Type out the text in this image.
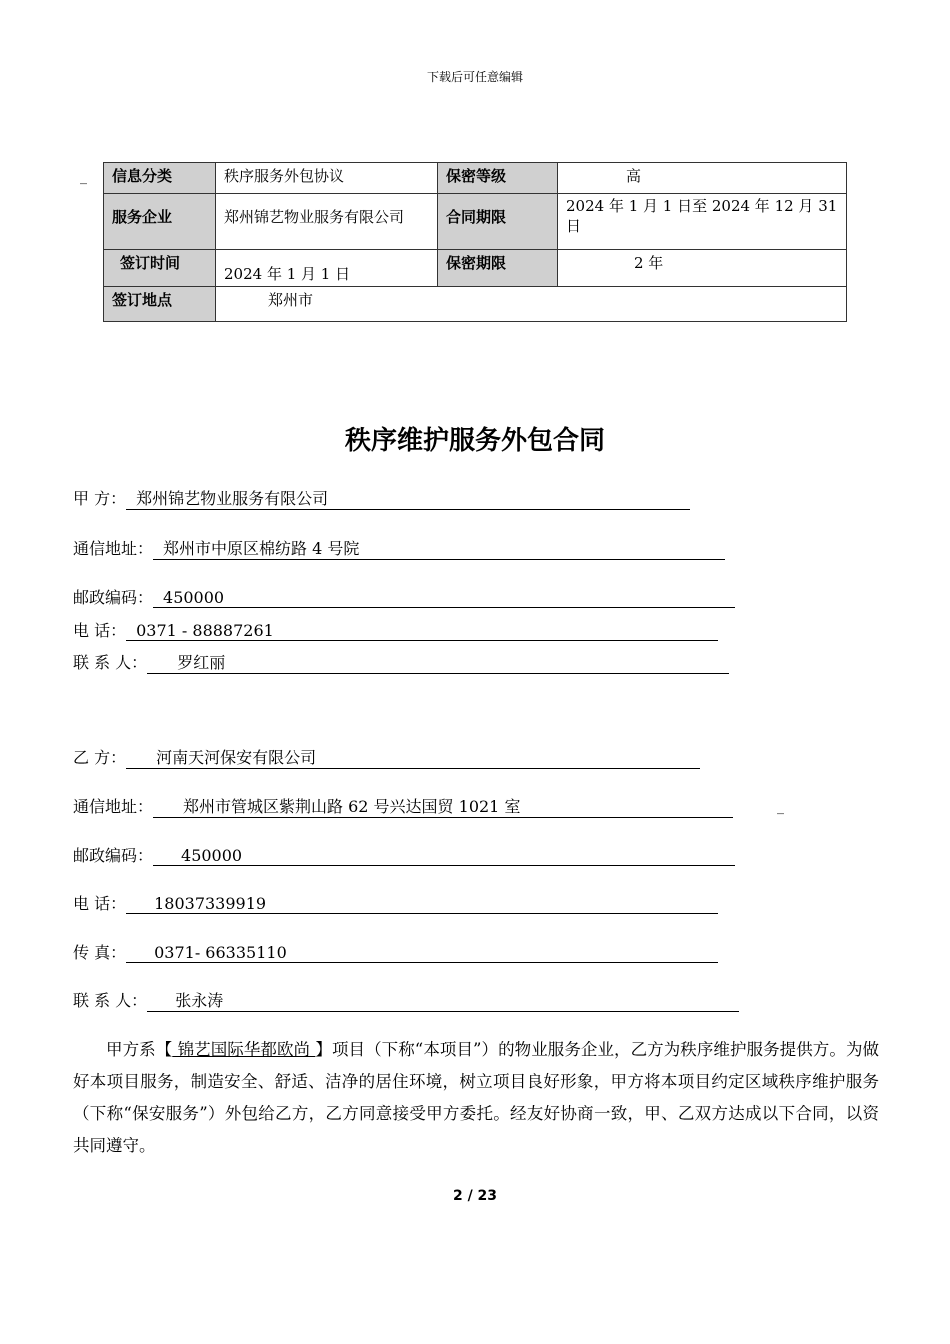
下载后可任意编辑
_
_
信息分类	秩序服务外包协议	保密等级	高
服务企业	郑州锦艺物业服务有限公司	合同期限	2024 年 1 月 1 日至 2024 年 12 月 31 日
签订时间	2024 年 1 月 1 日	保密期限	2 年
签订地点	郑州市		
秩序维护服务外包合同
甲 方： 郑州锦艺物业服务有限公司
通信地址： 郑州市中原区棉纺路 4 号院
邮政编码：450000
电 话：0371 - 88887261
联 系 人： 罗红丽
乙 方： 河南天河保安有限公司
通信地址： 郑州市管城区紫荆山路 62 号兴达国贸 1021 室
邮政编码： 450000
电 话： 18037339919
传 真： 0371- 66335110
联 系 人：张永涛
甲方系【 锦艺国际华都欧尚 】项目（下称“本项目”）的物业服务企业，乙方为秩序维护服务提供方。为做好本项目服务，制造安全、舒适、洁净的居住环境，树立项目良好形象，甲方将本项目约定区域秩序维护服务（下称“保安服务”）外包给乙方，乙方同意接受甲方委托。经友好协商一致，甲、乙双方达成以下合同，以资共同遵守。
2 / 23
